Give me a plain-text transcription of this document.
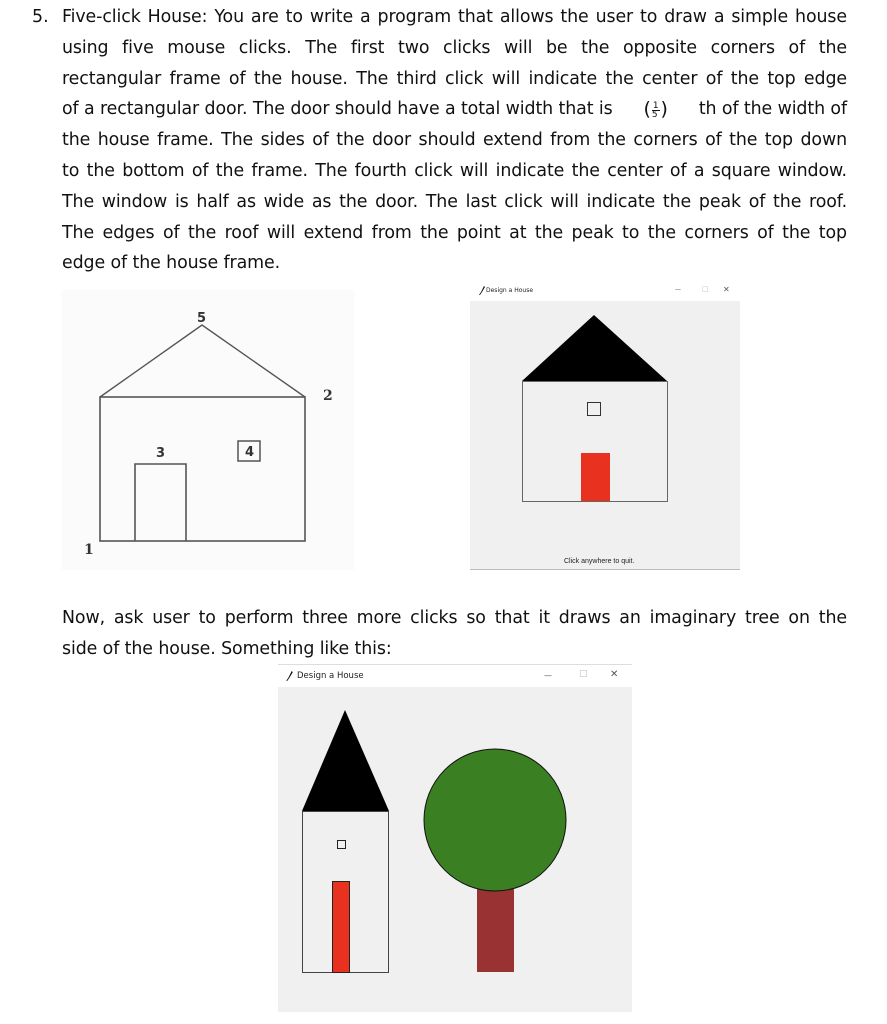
5. Five-click House: You are to write a program that allows the user to draw a simple house
using five mouse clicks. The first two clicks will be the opposite corners of the
rectangular frame of the house. The third click will indicate the center of the top edge
of a rectangular door. The door should have a total width that is ( $\frac{1}{5}$ ) th of the width of
the house frame. The sides of the door should extend from the corners of the top down
to the bottom of the frame. The fourth click will indicate the center of a square window.
The window is half as wide as the door. The last click will indicate the peak of the roof.
The edges of the roof will extend from the point at the peak to the corners of the top
edge of the house frame.
1
2
3	4
5
Design a House	—	□ ✕
Click anywhere to quit.
Now, ask user to perform three more clicks so that it draws an imaginary tree on the
side of the house. Something like this:
Design a House	—	□ ✕
